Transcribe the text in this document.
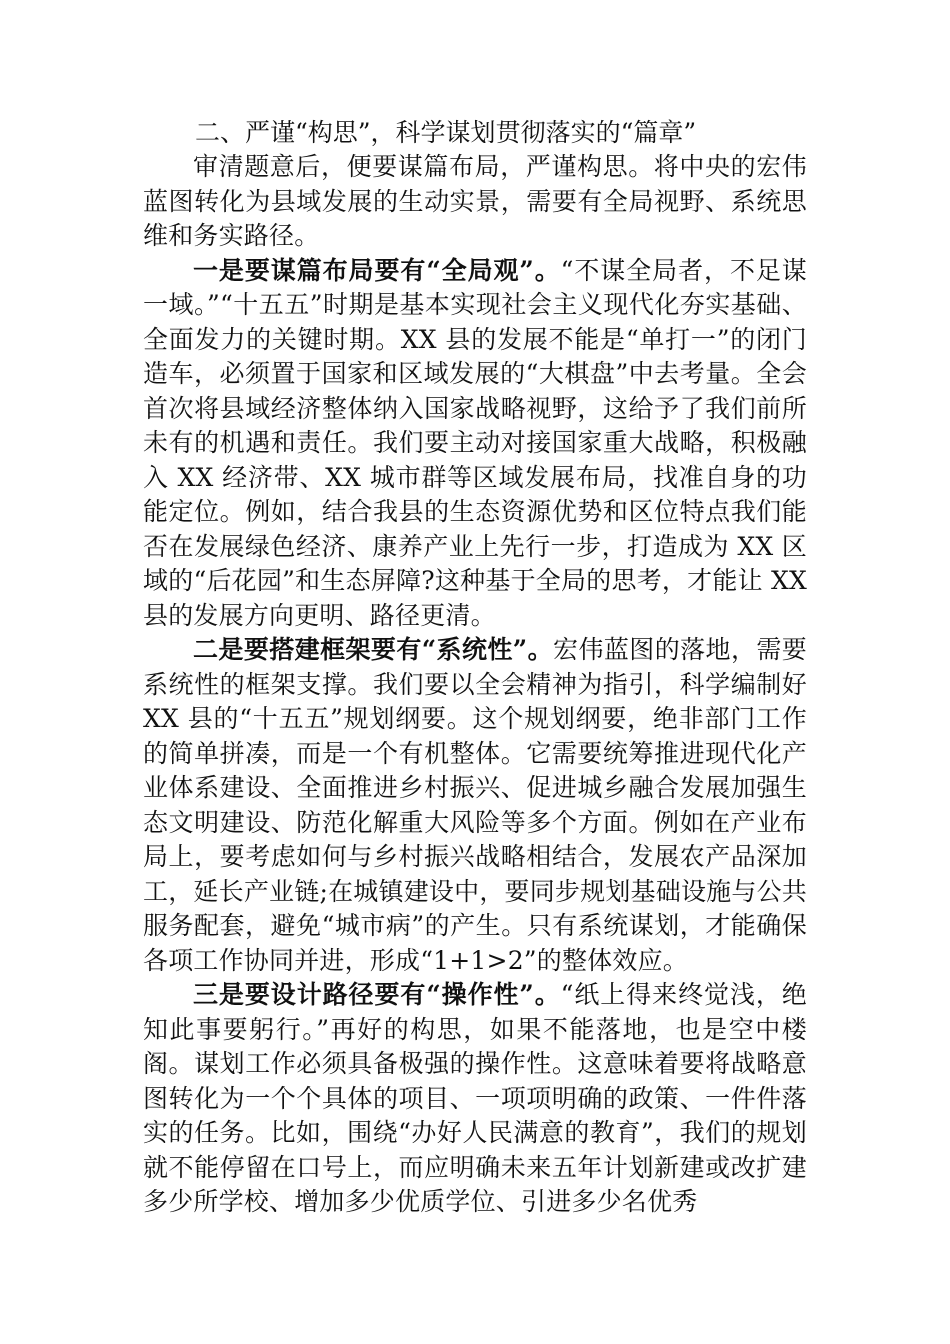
二、严谨“构思”，科学谋划贯彻落实的“篇章”

审清题意后，便要谋篇布局，严谨构思。将中央的宏伟蓝图转化为县域发展的生动实景，需要有全局视野、系统思维和务实路径。

一是要谋篇布局要有“全局观”。“不谋全局者，不足谋一域。”“十五五”时期是基本实现社会主义现代化夯实基础、全面发力的关键时期。XX 县的发展不能是“单打一”的闭门造车，必须置于国家和区域发展的“大棋盘”中去考量。全会首次将县域经济整体纳入国家战略视野，这给予了我们前所未有的机遇和责任。我们要主动对接国家重大战略，积极融入 XX 经济带、XX 城市群等区域发展布局，找准自身的功能定位。例如，结合我县的生态资源优势和区位特点我们能否在发展绿色经济、康养产业上先行一步，打造成为 XX 区域的“后花园”和生态屏障?这种基于全局的思考，才能让 XX 县的发展方向更明、路径更清。

二是要搭建框架要有“系统性”。宏伟蓝图的落地，需要系统性的框架支撑。我们要以全会精神为指引，科学编制好 XX 县的“十五五”规划纲要。这个规划纲要，绝非部门工作的简单拼凑，而是一个有机整体。它需要统筹推进现代化产业体系建设、全面推进乡村振兴、促进城乡融合发展加强生态文明建设、防范化解重大风险等多个方面。例如在产业布局上，要考虑如何与乡村振兴战略相结合，发展农产品深加工，延长产业链;在城镇建设中，要同步规划基础设施与公共服务配套，避免“城市病”的产生。只有系统谋划，才能确保各项工作协同并进，形成“1+1>2”的整体效应。

三是要设计路径要有“操作性”。“纸上得来终觉浅，绝知此事要躬行。”再好的构思，如果不能落地，也是空中楼阁。谋划工作必须具备极强的操作性。这意味着要将战略意图转化为一个个具体的项目、一项项明确的政策、一件件落实的任务。比如，围绕“办好人民满意的教育”，我们的规划就不能停留在口号上，而应明确未来五年计划新建或改扩建多少所学校、增加多少优质学位、引进多少名优秀
